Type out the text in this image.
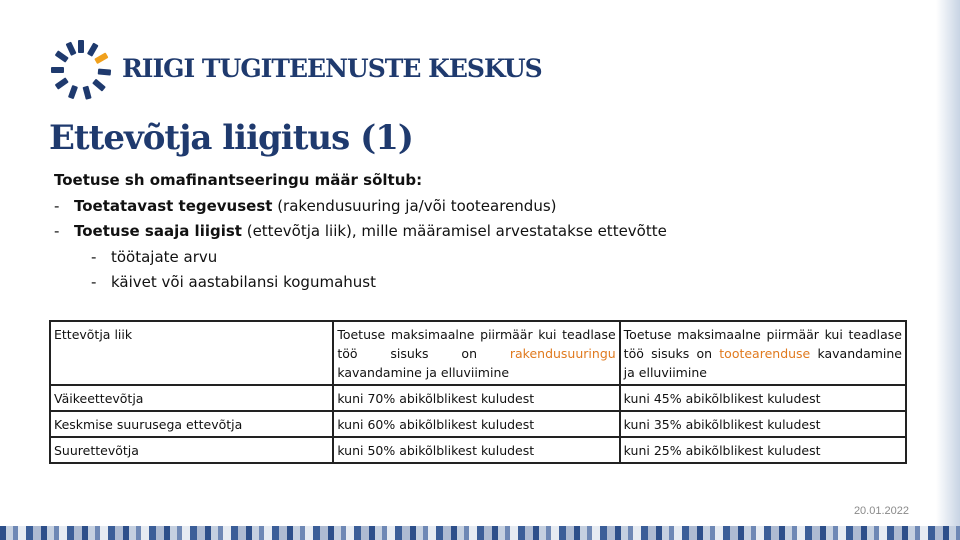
RIIGI TUGITEENUSTE KESKUS
Ettevõtja liigitus (1)
Toetuse sh omafinantseeringu määr sõltub:
- Toetatavast tegevusest (rakendusuuring ja/või tootearendus)
- Toetuse saaja liigist (ettevõtja liik), mille määramisel arvestatakse ettevõtte
- töötajate arvu
- käivet või aastabilansi kogumahust
Ettevõtja liik	Toetuse maksimaalne piirmäär kui teadlase töö sisuks on rakendusuuringu kavandamine ja elluviimine	Toetuse maksimaalne piirmäär kui teadlase töö sisuks on tootearenduse kavandamine ja elluviimine
Väikeettevõtja	kuni 70% abikõlblikest kuludest	kuni 45% abikõlblikest kuludest
Keskmise suurusega ettevõtja	kuni 60% abikõlblikest kuludest	kuni 35% abikõlblikest kuludest
Suurettevõtja	kuni 50% abikõlblikest kuludest	kuni 25% abikõlblikest kuludest
20.01.2022
